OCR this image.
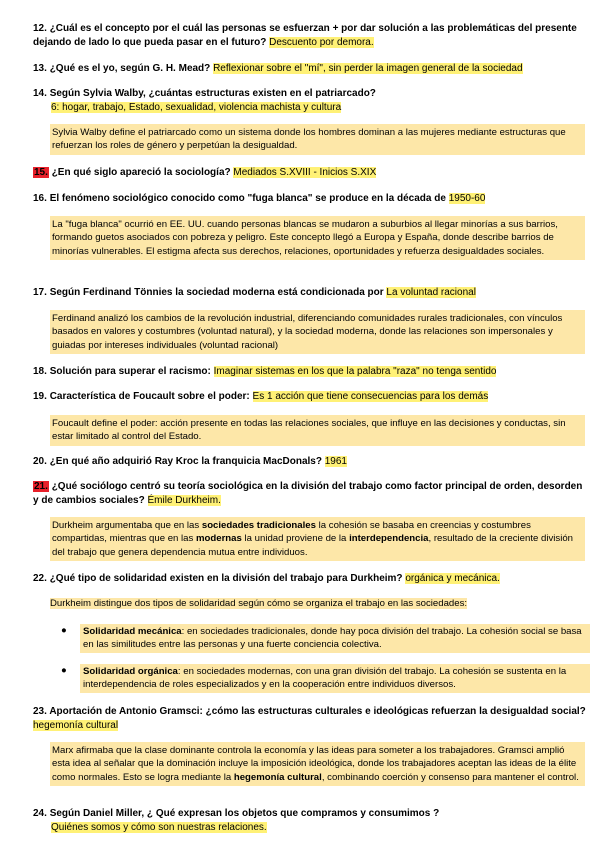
12. ¿Cuál es el concepto por el cuál las personas se esfuerzan + por dar solución a las problemáticas del presente dejando de lado lo que pueda pasar en el futuro? Descuento por demora.
13. ¿Qué es el yo, según G. H. Mead? Reflexionar sobre el "mí", sin perder la imagen general de la sociedad
14. Según Sylvia Walby, ¿cuántas estructuras existen en el patriarcado?
6: hogar, trabajo, Estado, sexualidad, violencia machista y cultura

Sylvia Walby define el patriarcado como un sistema donde los hombres dominan a las mujeres mediante estructuras que refuerzan los roles de género y perpetúan la desigualdad.

15. ¿En qué siglo apareció la sociología? Mediados S.XVIII - Inicios S.XIX
16. El fenómeno sociológico conocido como "fuga blanca" se produce en la década de 1950-60

La "fuga blanca" ocurrió en EE. UU. cuando personas blancas se mudaron a suburbios al llegar minorías a sus barrios, formando guetos asociados con pobreza y peligro. Este concepto llegó a Europa y España, donde describe barrios de minorías vulnerables. El estigma afecta sus derechos, relaciones, oportunidades y refuerza desigualdades sociales.

17. Según Ferdinand Tönnies la sociedad moderna está condicionada por La voluntad racional

Ferdinand analizó los cambios de la revolución industrial, diferenciando comunidades rurales tradicionales, con vínculos basados en valores y costumbres (voluntad natural), y la sociedad moderna, donde las relaciones son impersonales y guiadas por intereses individuales (voluntad racional)

18. Solución para superar el racismo: Imaginar sistemas en los que la palabra "raza" no tenga sentido
19. Característica de Foucault sobre el poder: Es 1 acción que tiene consecuencias para los demás

Foucault define el poder: acción presente en todas las relaciones sociales, que influye en las decisiones y conductas, sin estar limitado al control del Estado.

20. ¿En qué año adquirió Ray Kroc la franquicia MacDonals? 1961
21. ¿Qué sociólogo centró su teoría sociológica en la división del trabajo como factor principal de orden, desorden y de cambios sociales? Émile Durkheim.

Durkheim argumentaba que en las sociedades tradicionales la cohesión se basaba en creencias y costumbres compartidas, mientras que en las modernas la unidad proviene de la interdependencia, resultado de la creciente división del trabajo que genera dependencia mutua entre individuos.

22. ¿Qué tipo de solidaridad existen en la división del trabajo para Durkheim? orgánica y mecánica.
Durkheim distingue dos tipos de solidaridad según cómo se organiza el trabajo en las sociedades:
●	Solidaridad mecánica: en sociedades tradicionales, donde hay poca división del trabajo. La cohesión social se basa en las similitudes entre las personas y una fuerte conciencia colectiva.
●	Solidaridad orgánica: en sociedades modernas, con una gran división del trabajo. La cohesión se sustenta en la interdependencia de roles especializados y en la cooperación entre individuos diversos.
23. Aportación de Antonio Gramsci: ¿cómo las estructuras culturales e ideológicas refuerzan la desigualdad social? hegemonía cultural

Marx afirmaba que la clase dominante controla la economía y las ideas para someter a los trabajadores. Gramsci amplió esta idea al señalar que la dominación incluye la imposición ideológica, donde los trabajadores aceptan las ideas de la élite como normales. Esto se logra mediante la hegemonía cultural, combinando coerción y consenso para mantener el control.

24. Según Daniel Miller, ¿ Qué expresan los objetos que compramos y consumimos ?
Quiénes somos y cómo son nuestras relaciones.
